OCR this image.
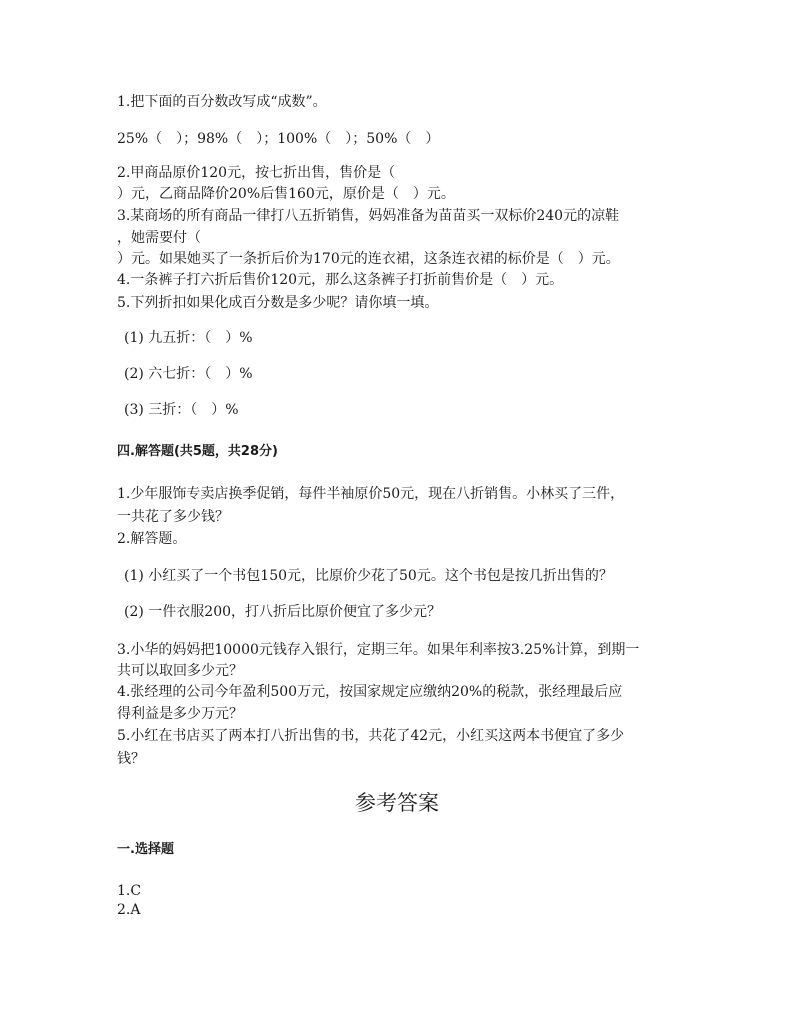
1.把下面的百分数改写成“成数”。
25%（　）；98%（　）；100%（　）；50%（　）
2.甲商品原价120元，按七折出售，售价是（
）元，乙商品降价20%后售160元，原价是（　）元。
3.某商场的所有商品一律打八五折销售，妈妈准备为苗苗买一双标价240元的凉鞋
，她需要付（
）元。如果她买了一条折后价为170元的连衣裙，这条连衣裙的标价是（　）元。
4.一条裤子打六折后售价120元，那么这条裤子打折前售价是（　）元。
5.下列折扣如果化成百分数是多少呢？请你填一填。
(1) 九五折：（　）%
(2) 六七折：（　）%
(3) 三折：（　）%
四.解答题(共5题，共28分)
1.少年服饰专卖店换季促销，每件半袖原价50元，现在八折销售。小林买了三件，
一共花了多少钱？
2.解答题。
(1) 小红买了一个书包150元，比原价少花了50元。这个书包是按几折出售的？
(2) 一件衣服200，打八折后比原价便宜了多少元？
3.小华的妈妈把10000元钱存入银行，定期三年。如果年利率按3.25%计算，到期一
共可以取回多少元？
4.张经理的公司今年盈利500万元，按国家规定应缴纳20%的税款，张经理最后应
得利益是多少万元？
5.小红在书店买了两本打八折出售的书，共花了42元，小红买这两本书便宜了多少
钱？
参考答案
一.选择题
1.C
2.A
